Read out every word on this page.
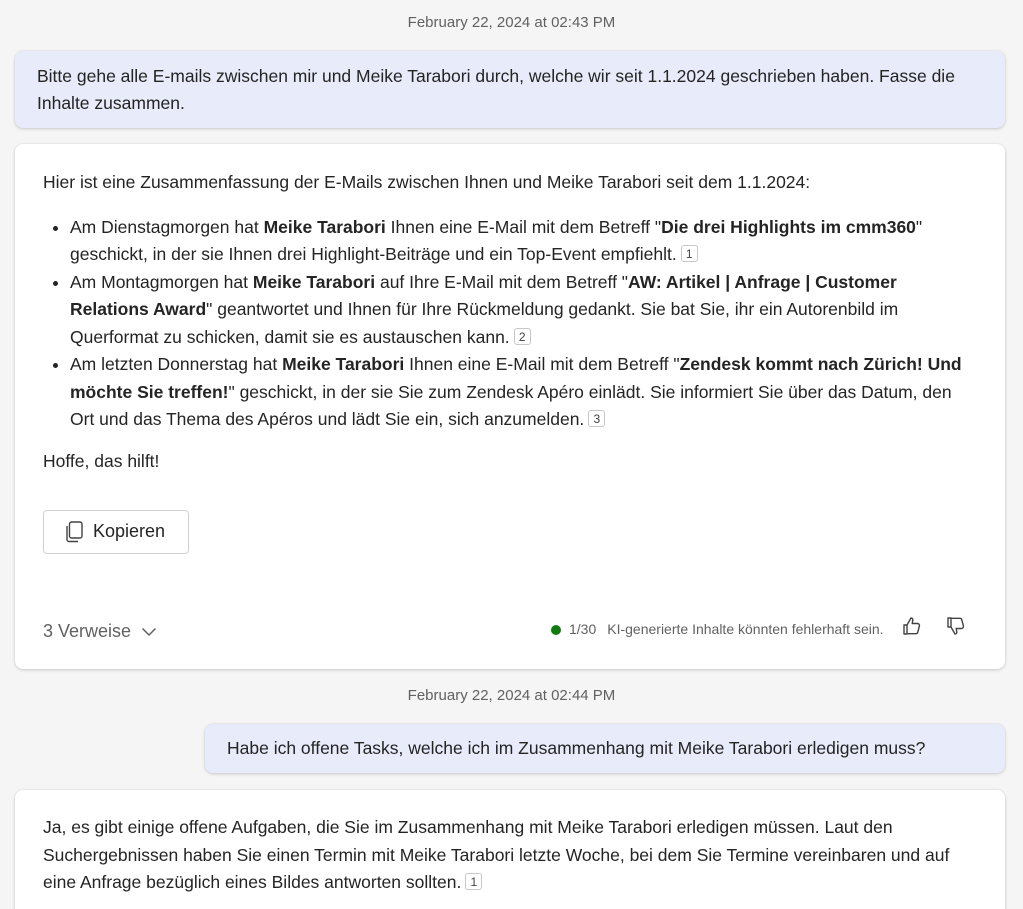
February 22, 2024 at 02:43 PM
Bitte gehe alle E-mails zwischen mir und Meike Tarabori durch, welche wir seit 1.1.2024 geschrieben haben. Fasse die Inhalte zusammen.

Hier ist eine Zusammenfassung der E-Mails zwischen Ihnen und Meike Tarabori seit dem 1.1.2024:

• Am Dienstagmorgen hat Meike Tarabori Ihnen eine E-Mail mit dem Betreff "Die drei Highlights im cmm360" geschickt, in der sie Ihnen drei Highlight-Beiträge und ein Top-Event empfiehlt. 1
• Am Montagmorgen hat Meike Tarabori auf Ihre E-Mail mit dem Betreff "AW: Artikel | Anfrage | Customer Relations Award" geantwortet und Ihnen für Ihre Rückmeldung gedankt. Sie bat Sie, ihr ein Autorenbild im Querformat zu schicken, damit sie es austauschen kann. 2
• Am letzten Donnerstag hat Meike Tarabori Ihnen eine E-Mail mit dem Betreff "Zendesk kommt nach Zürich! Und möchte Sie treffen!" geschickt, in der sie Sie zum Zendesk Apéro einlädt. Sie informiert Sie über das Datum, den Ort und das Thema des Apéros und lädt Sie ein, sich anzumelden. 3

Hoffe, das hilft!

Kopieren
3 Verweise	1/30 KI-generierte Inhalte könnten fehlerhaft sein.
February 22, 2024 at 02:44 PM
Habe ich offene Tasks, welche ich im Zusammenhang mit Meike Tarabori erledigen muss?

Ja, es gibt einige offene Aufgaben, die Sie im Zusammenhang mit Meike Tarabori erledigen müssen. Laut den Suchergebnissen haben Sie einen Termin mit Meike Tarabori letzte Woche, bei dem Sie Termine vereinbaren und auf eine Anfrage bezüglich eines Bildes antworten sollten. 1
